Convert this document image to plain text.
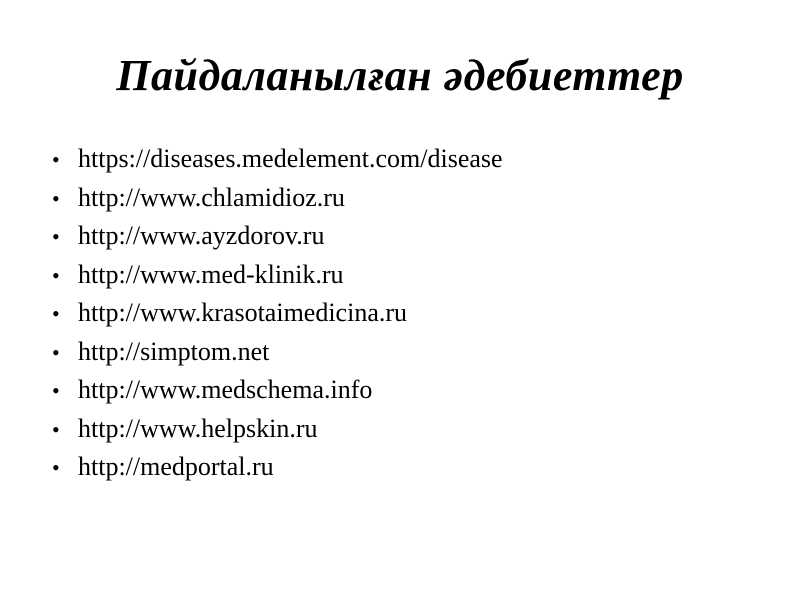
Пайдаланылған әдебиеттер
• https://diseases.medelement.com/disease
• http://www.chlamidioz.ru
• http://www.ayzdorov.ru
• http://www.med-klinik.ru
• http://www.krasotaimedicina.ru
• http://simptom.net
• http://www.medschema.info
• http://www.helpskin.ru
• http://medportal.ru
